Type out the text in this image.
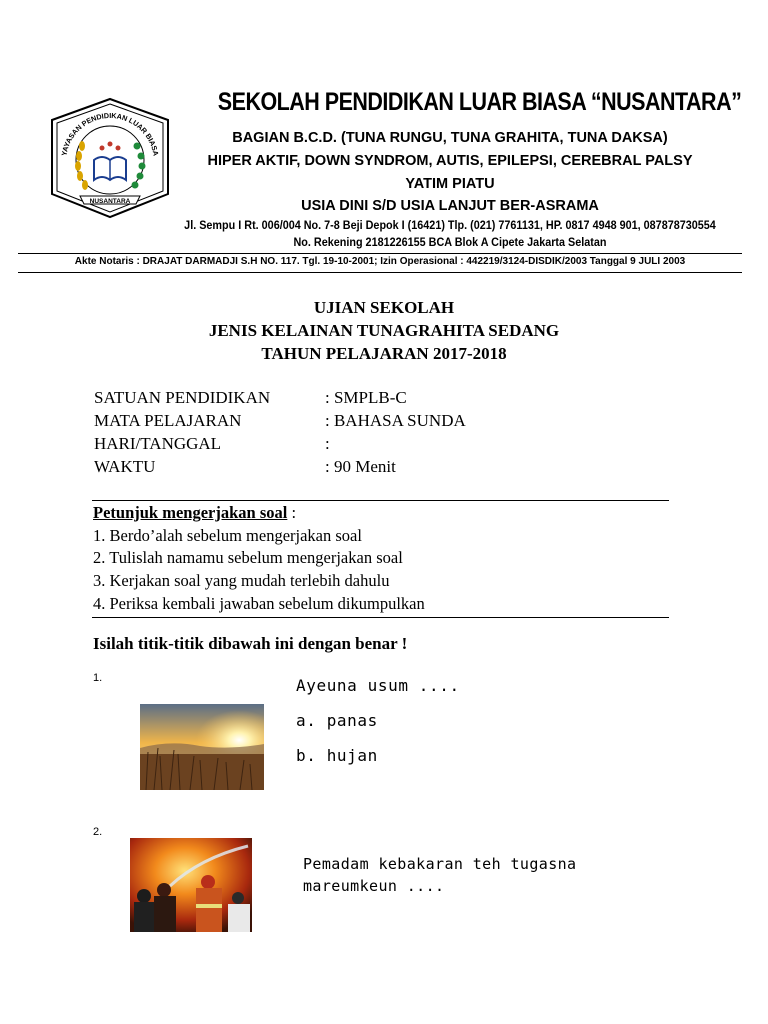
YAYASAN PENDIDIKAN LUAR BIASA
NUSANTARA
SEKOLAH PENDIDIKAN LUAR BIASA “NUSANTARA”
BAGIAN B.C.D. (TUNA RUNGU, TUNA GRAHITA, TUNA DAKSA)
HIPER AKTIF, DOWN SYNDROM, AUTIS, EPILEPSI, CEREBRAL PALSY
YATIM PIATU
USIA DINI S/D USIA LANJUT BER-ASRAMA
Jl. Sempu I Rt. 006/004 No. 7-8 Beji Depok I (16421) Tlp. (021) 7761131, HP. 0817 4948 901, 087878730554
No. Rekening 2181226155 BCA Blok A Cipete Jakarta Selatan
Akte Notaris : DRAJAT DARMADJI S.H NO. 117. Tgl. 19-10-2001; Izin Operasional : 442219/3124-DISDIK/2003 Tanggal 9 JULI 2003
UJIAN SEKOLAH
JENIS KELAINAN TUNAGRAHITA SEDANG
TAHUN PELAJARAN 2017-2018
SATUAN PENDIDIKAN	: SMPLB-C
MATA PELAJARAN	: BAHASA SUNDA
HARI/TANGGAL	:
WAKTU	: 90 Menit
Petunjuk mengerjakan soal :
1. Berdo’alah sebelum mengerjakan soal
2. Tulislah namamu sebelum mengerjakan soal
3. Kerjakan soal yang mudah terlebih dahulu
4. Periksa kembali jawaban sebelum dikumpulkan
Isilah titik-titik dibawah ini dengan benar !
1.	Ayeuna usum ....
a. panas
b. hujan
2.
Pemadam kebakaran teh tugasna
mareumkeun ....
